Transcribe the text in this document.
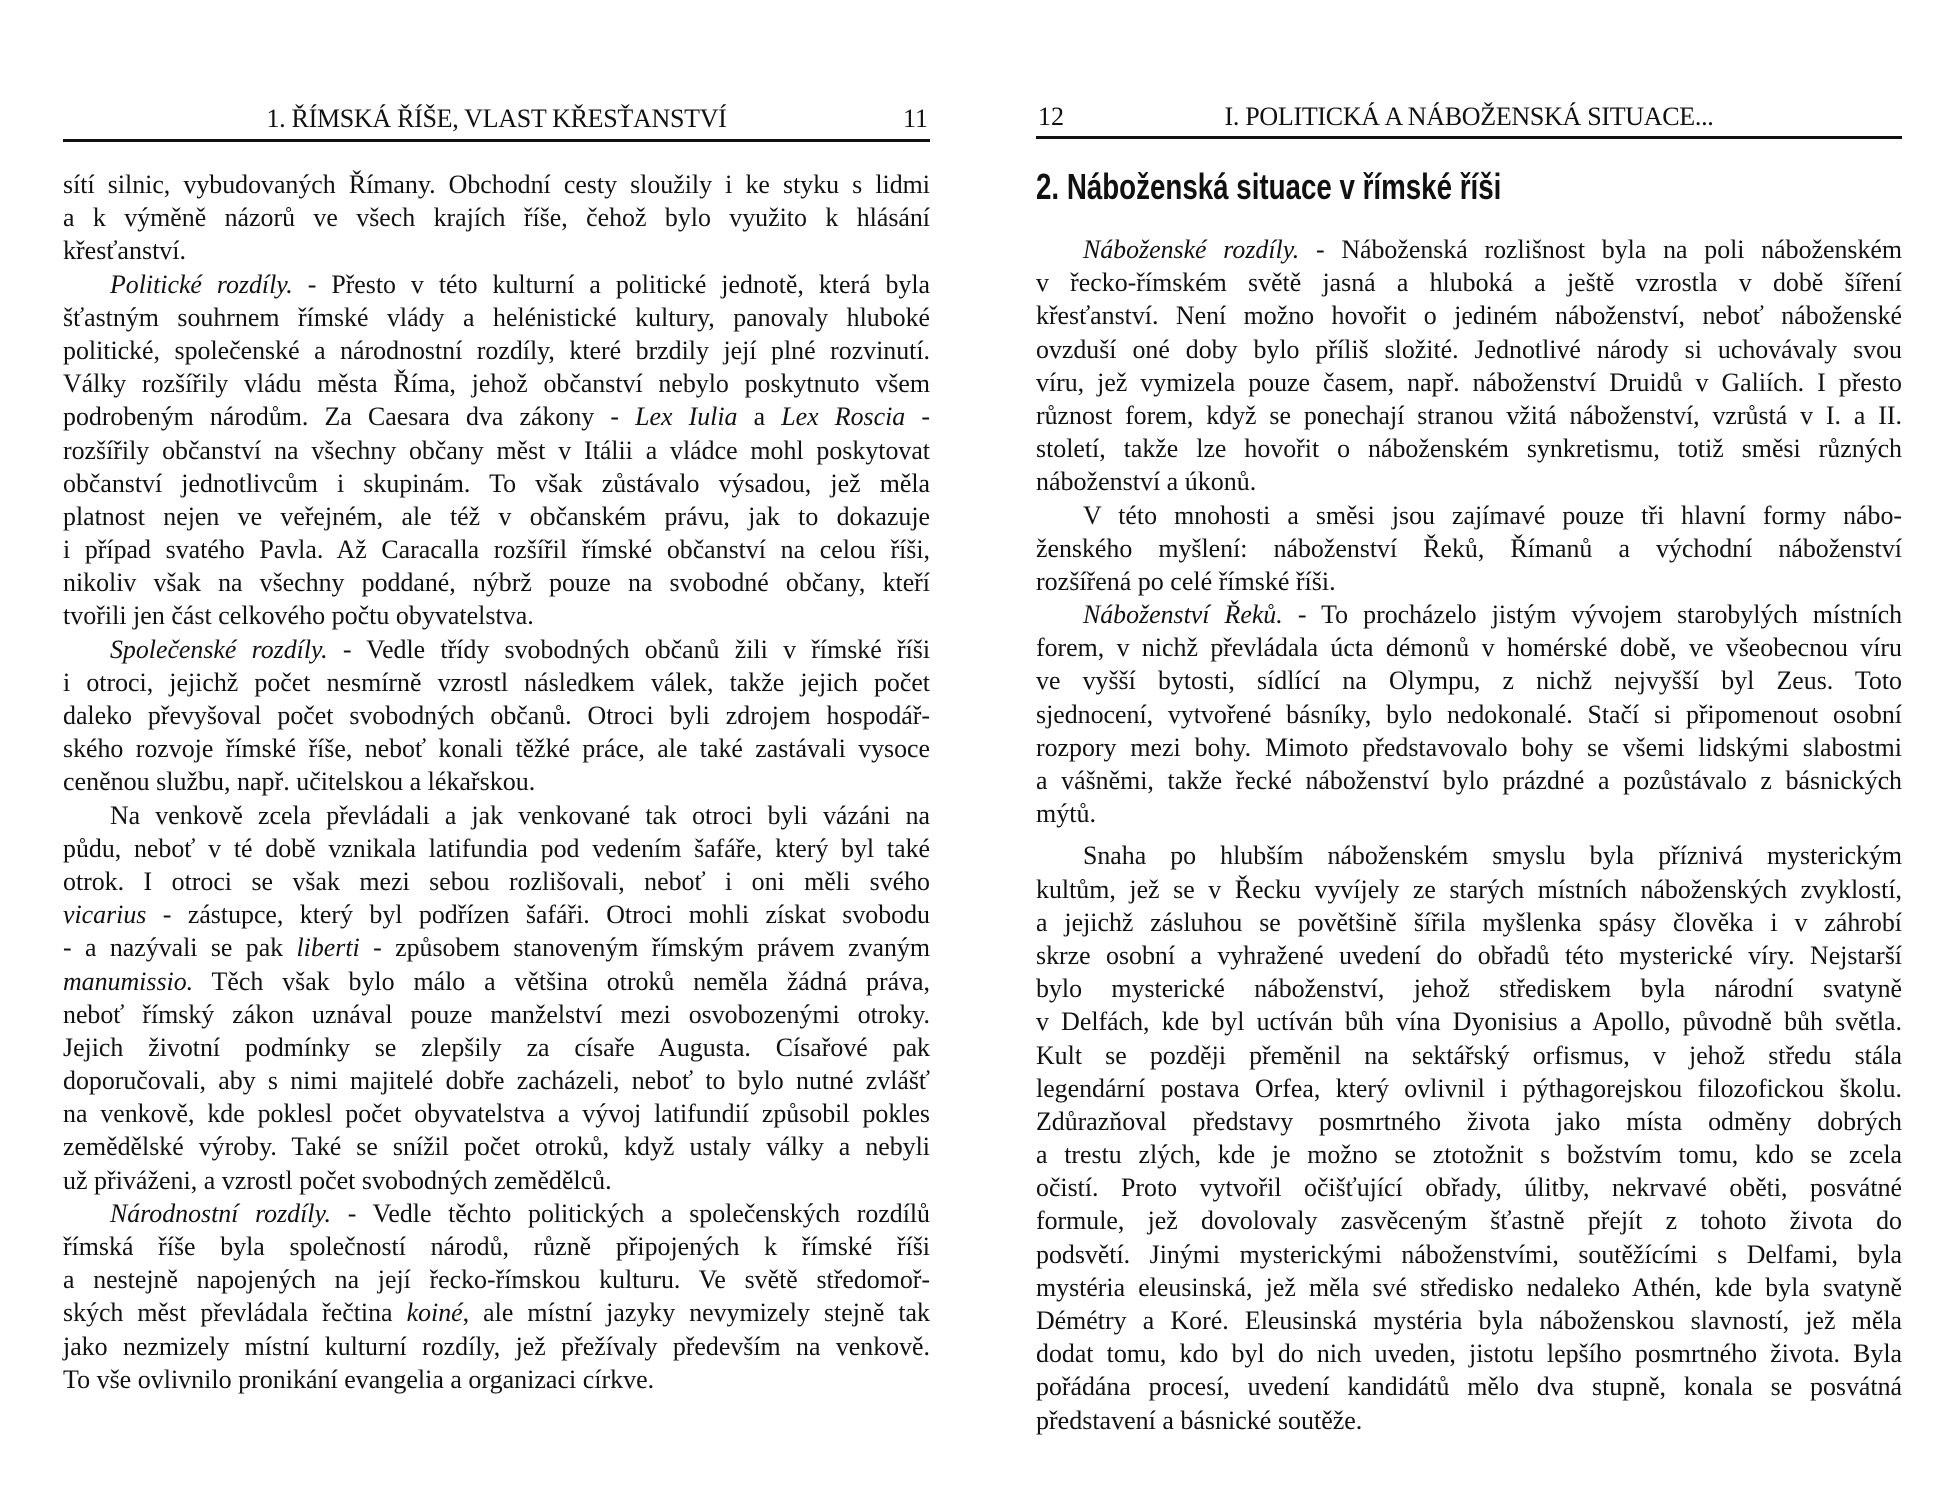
1. ŘÍMSKÁ ŘÍŠE, VLAST KŘESŤANSTVÍ	11
sítí silnic, vybudovaných Římany. Obchodní cesty sloužily i ke styku s lidmi
a k výměně názorů ve všech krajích říše, čehož bylo využito k hlásání
křesťanství.
Politické rozdíly. - Přesto v této kulturní a politické jednotě, která byla
šťastným souhrnem římské vlády a helénistické kultury, panovaly hluboké
politické, společenské a národnostní rozdíly, které brzdily její plné rozvinutí.
Války rozšířily vládu města Říma, jehož občanství nebylo poskytnuto všem
podrobeným národům. Za Caesara dva zákony - Lex Iulia a Lex Roscia -
rozšířily občanství na všechny občany měst v Itálii a vládce mohl poskytovat
občanství jednotlivcům i skupinám. To však zůstávalo výsadou, jež měla
platnost nejen ve veřejném, ale též v občanském právu, jak to dokazuje
i případ svatého Pavla. Až Caracalla rozšířil římské občanství na celou říši,
nikoliv však na všechny poddané, nýbrž pouze na svobodné občany, kteří
tvořili jen část celkového počtu obyvatelstva.
Společenské rozdíly. - Vedle třídy svobodných občanů žili v římské říši
i otroci, jejichž počet nesmírně vzrostl následkem válek, takže jejich počet
daleko převyšoval počet svobodných občanů. Otroci byli zdrojem hospodář-
ského rozvoje římské říše, neboť konali těžké práce, ale také zastávali vysoce
ceněnou službu, např. učitelskou a lékařskou.
Na venkově zcela převládali a jak venkované tak otroci byli vázáni na
půdu, neboť v té době vznikala latifundia pod vedením šafáře, který byl také
otrok. I otroci se však mezi sebou rozlišovali, neboť i oni měli svého
vicarius - zástupce, který byl podřízen šafáři. Otroci mohli získat svobodu
- a nazývali se pak liberti - způsobem stanoveným římským právem zvaným
manumissio. Těch však bylo málo a většina otroků neměla žádná práva,
neboť římský zákon uznával pouze manželství mezi osvobozenými otroky.
Jejich životní podmínky se zlepšily za císaře Augusta. Císařové pak
doporučovali, aby s nimi majitelé dobře zacházeli, neboť to bylo nutné zvlášť
na venkově, kde poklesl počet obyvatelstva a vývoj latifundií způsobil pokles
zemědělské výroby. Také se snížil počet otroků, když ustaly války a nebyli
už přiváženi, a vzrostl počet svobodných zemědělců.
Národnostní rozdíly. - Vedle těchto politických a společenských rozdílů
římská říše byla společností národů, různě připojených k římské říši
a nestejně napojených na její řecko-římskou kulturu. Ve světě středomoř-
ských měst převládala řečtina koiné, ale místní jazyky nevymizely stejně tak
jako nezmizely místní kulturní rozdíly, jež přežívaly především na venkově.
To vše ovlivnilo pronikání evangelia a organizaci církve.
12	I. POLITICKÁ A NÁBOŽENSKÁ SITUACE...
2. Náboženská situace v římské říši
Náboženské rozdíly. - Náboženská rozlišnost byla na poli náboženském
v řecko-římském světě jasná a hluboká a ještě vzrostla v době šíření
křesťanství. Není možno hovořit o jediném náboženství, neboť náboženské
ovzduší oné doby bylo příliš složité. Jednotlivé národy si uchovávaly svou
víru, jež vymizela pouze časem, např. náboženství Druidů v Galiích. I přesto
různost forem, když se ponechají stranou vžitá náboženství, vzrůstá v I. a II.
století, takže lze hovořit o náboženském synkretismu, totiž směsi různých
náboženství a úkonů.
V této mnohosti a směsi jsou zajímavé pouze tři hlavní formy nábo-
ženského myšlení: náboženství Řeků, Římanů a východní náboženství
rozšířená po celé římské říši.
Náboženství Řeků. - To procházelo jistým vývojem starobylých místních
forem, v nichž převládala úcta démonů v homérské době, ve všeobecnou víru
ve vyšší bytosti, sídlící na Olympu, z nichž nejvyšší byl Zeus. Toto
sjednocení, vytvořené básníky, bylo nedokonalé. Stačí si připomenout osobní
rozpory mezi bohy. Mimoto představovalo bohy se všemi lidskými slabostmi
a vášněmi, takže řecké náboženství bylo prázdné a pozůstávalo z básnických
mýtů.
Snaha po hlubším náboženském smyslu byla příznivá mysterickým
kultům, jež se v Řecku vyvíjely ze starých místních náboženských zvyklostí,
a jejichž zásluhou se povětšině šířila myšlenka spásy člověka i v záhrobí
skrze osobní a vyhražené uvedení do obřadů této mysterické víry. Nejstarší
bylo mysterické náboženství, jehož střediskem byla národní svatyně
v Delfách, kde byl uctíván bůh vína Dyonisius a Apollo, původně bůh světla.
Kult se později přeměnil na sektářský orfismus, v jehož středu stála
legendární postava Orfea, který ovlivnil i pýthagorejskou filozofickou školu.
Zdůrazňoval představy posmrtného života jako místa odměny dobrých
a trestu zlých, kde je možno se ztotožnit s božstvím tomu, kdo se zcela
očistí. Proto vytvořil očišťující obřady, úlitby, nekrvavé oběti, posvátné
formule, jež dovolovaly zasvěceným šťastně přejít z tohoto života do
podsvětí. Jinými mysterickými náboženstvími, soutěžícími s Delfami, byla
mystéria eleusinská, jež měla své středisko nedaleko Athén, kde byla svatyně
Démétry a Koré. Eleusinská mystéria byla náboženskou slavností, jež měla
dodat tomu, kdo byl do nich uveden, jistotu lepšího posmrtného života. Byla
pořádána procesí, uvedení kandidátů mělo dva stupně, konala se posvátná
představení a básnické soutěže.
